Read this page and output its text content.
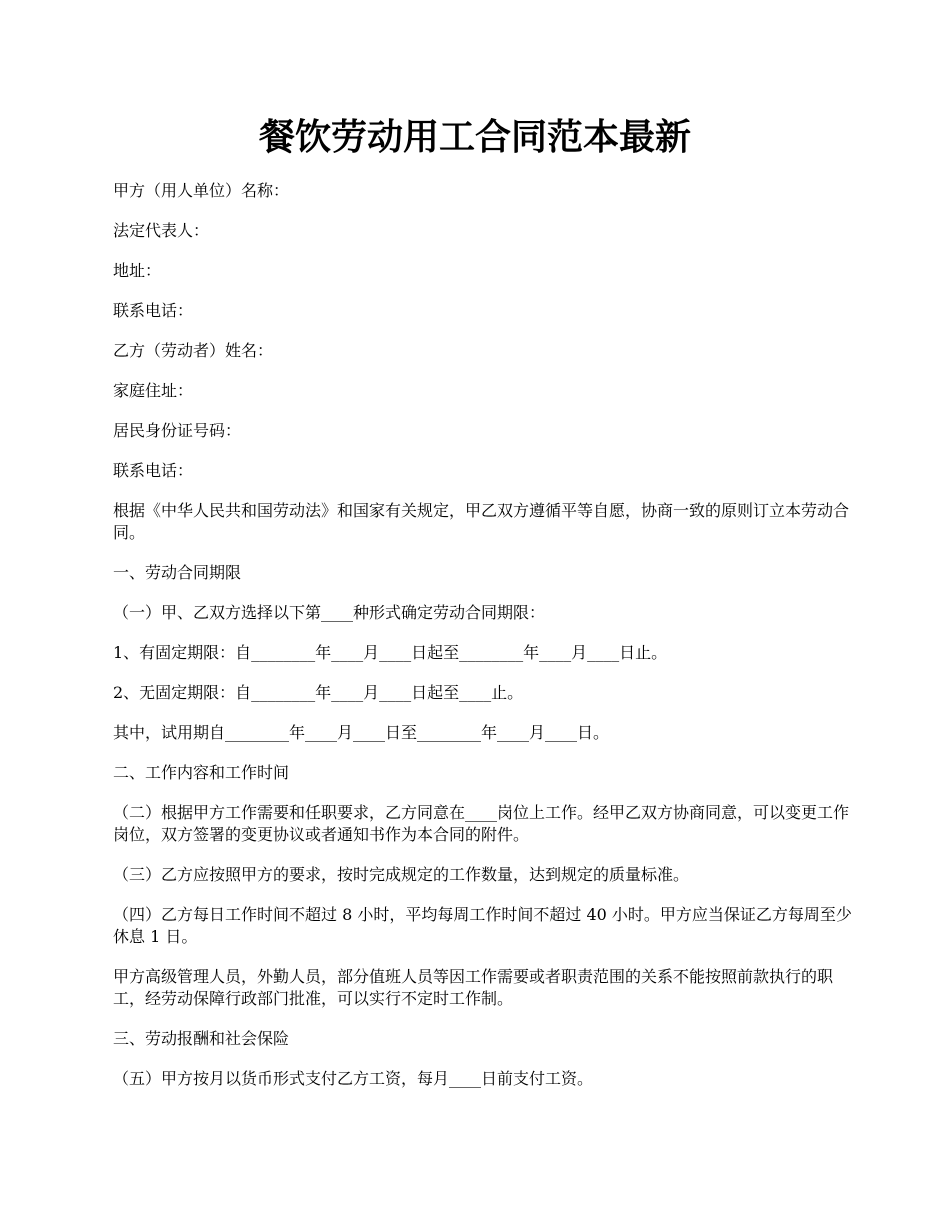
餐饮劳动用工合同范本最新

甲方（用人单位）名称：

法定代表人：

地址：

联系电话：

乙方（劳动者）姓名：

家庭住址：

居民身份证号码：

联系电话：

根据《中华人民共和国劳动法》和国家有关规定，甲乙双方遵循平等自愿，协商一致的原则订立本劳动合同。

一、劳动合同期限

（一）甲、乙双方选择以下第____种形式确定劳动合同期限：

1、有固定期限：自________年____月____日起至________年____月____日止。

2、无固定期限：自________年____月____日起至____止。

其中，试用期自________年____月____日至________年____月____日。

二、工作内容和工作时间

（二）根据甲方工作需要和任职要求，乙方同意在____岗位上工作。经甲乙双方协商同意，可以变更工作岗位，双方签署的变更协议或者通知书作为本合同的附件。

（三）乙方应按照甲方的要求，按时完成规定的工作数量，达到规定的质量标准。

（四）乙方每日工作时间不超过 8 小时，平均每周工作时间不超过 40 小时。甲方应当保证乙方每周至少休息 1 日。

甲方高级管理人员，外勤人员，部分值班人员等因工作需要或者职责范围的关系不能按照前款执行的职工，经劳动保障行政部门批准，可以实行不定时工作制。

三、劳动报酬和社会保险

（五）甲方按月以货币形式支付乙方工资，每月____日前支付工资。
